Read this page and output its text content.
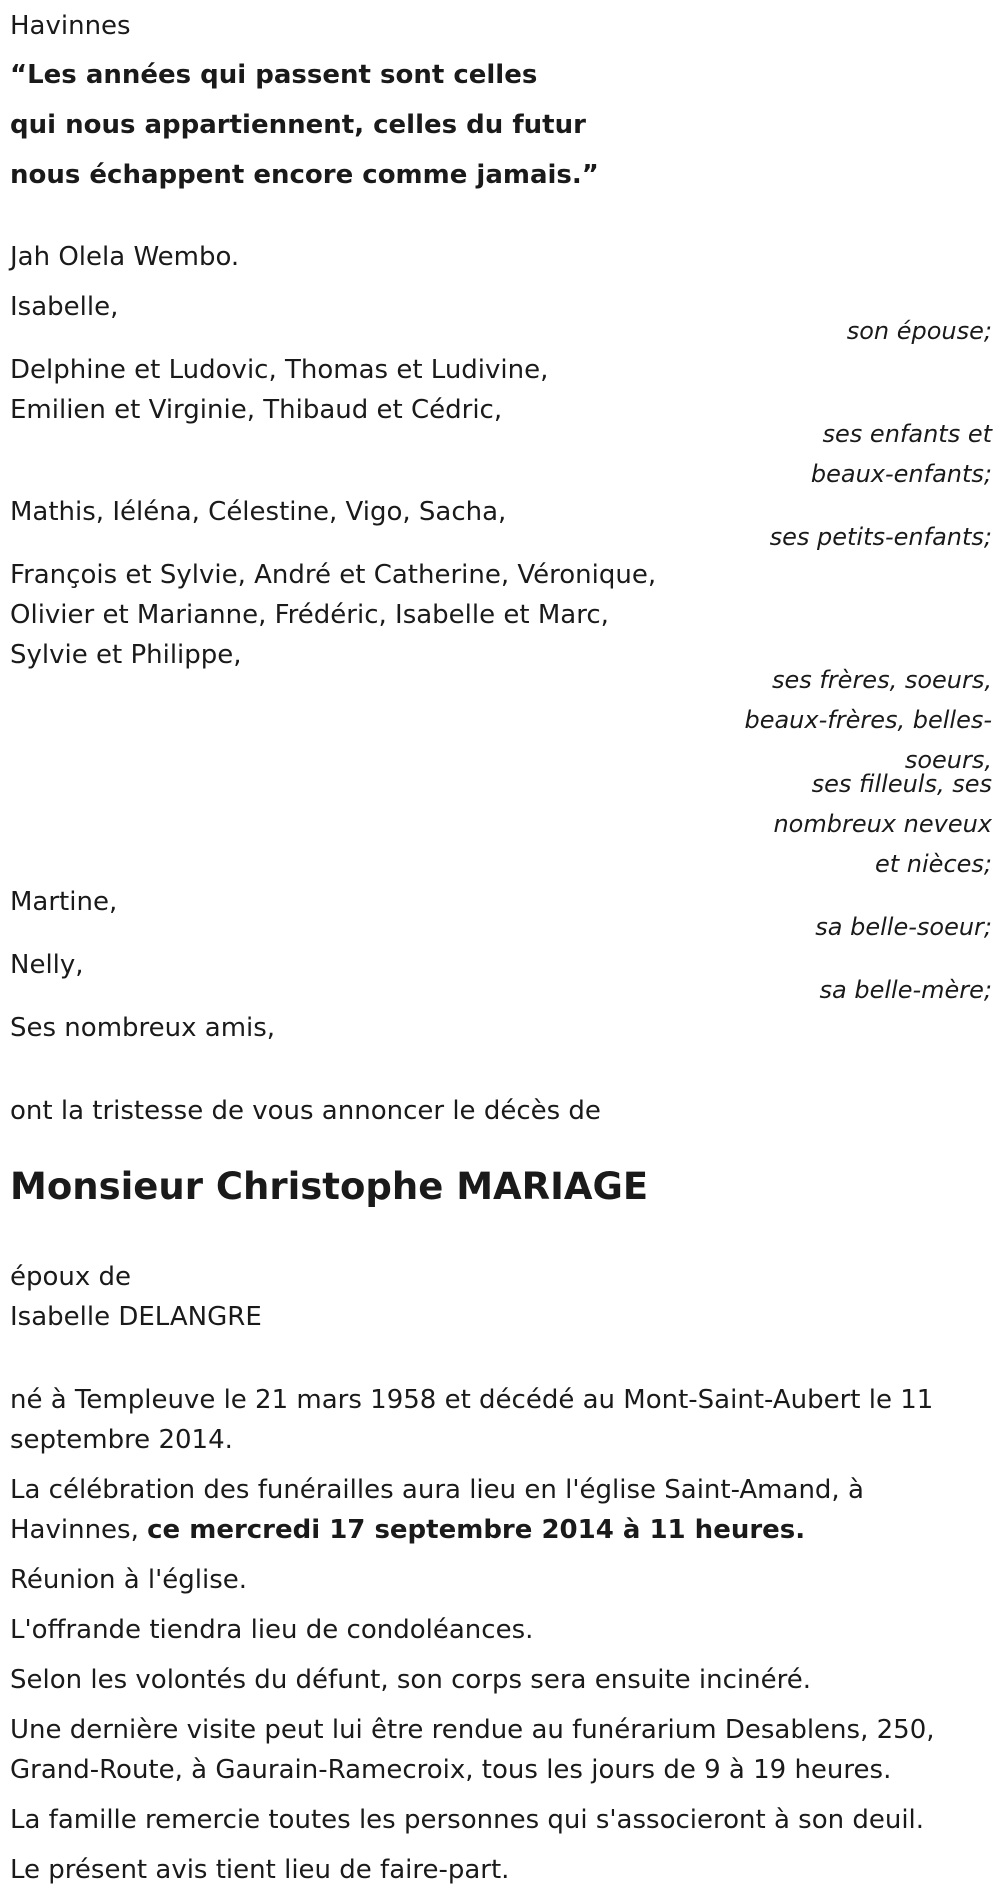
Havinnes
“Les années qui passent sont celles
qui nous appartiennent, celles du futur
nous échappent encore comme jamais.”
Jah Olela Wembo.
Isabelle,
son épouse;
Delphine et Ludovic, Thomas et Ludivine,
Emilien et Virginie, Thibaud et Cédric,
ses enfants et
beaux-enfants;
Mathis, Iéléna, Célestine, Vigo, Sacha,
ses petits-enfants;
François et Sylvie, André et Catherine, Véronique,
Olivier et Marianne, Frédéric, Isabelle et Marc,
Sylvie et Philippe,
ses frères, soeurs,
beaux-frères, belles-
soeurs,
ses filleuls, ses
nombreux neveux
et nièces;
Martine,
sa belle-soeur;
Nelly,
sa belle-mère;
Ses nombreux amis,
ont la tristesse de vous annoncer le décès de
Monsieur Christophe MARIAGE
époux de
Isabelle DELANGRE
né à Templeuve le 21 mars 1958 et décédé au Mont-Saint-Aubert le 11
septembre 2014.
La célébration des funérailles aura lieu en l'église Saint-Amand, à
Havinnes, ce mercredi 17 septembre 2014 à 11 heures.
Réunion à l'église.
L'offrande tiendra lieu de condoléances.
Selon les volontés du défunt, son corps sera ensuite incinéré.
Une dernière visite peut lui être rendue au funérarium Desablens, 250,
Grand-Route, à Gaurain-Ramecroix, tous les jours de 9 à 19 heures.
La famille remercie toutes les personnes qui s'associeront à son deuil.
Le présent avis tient lieu de faire-part.
